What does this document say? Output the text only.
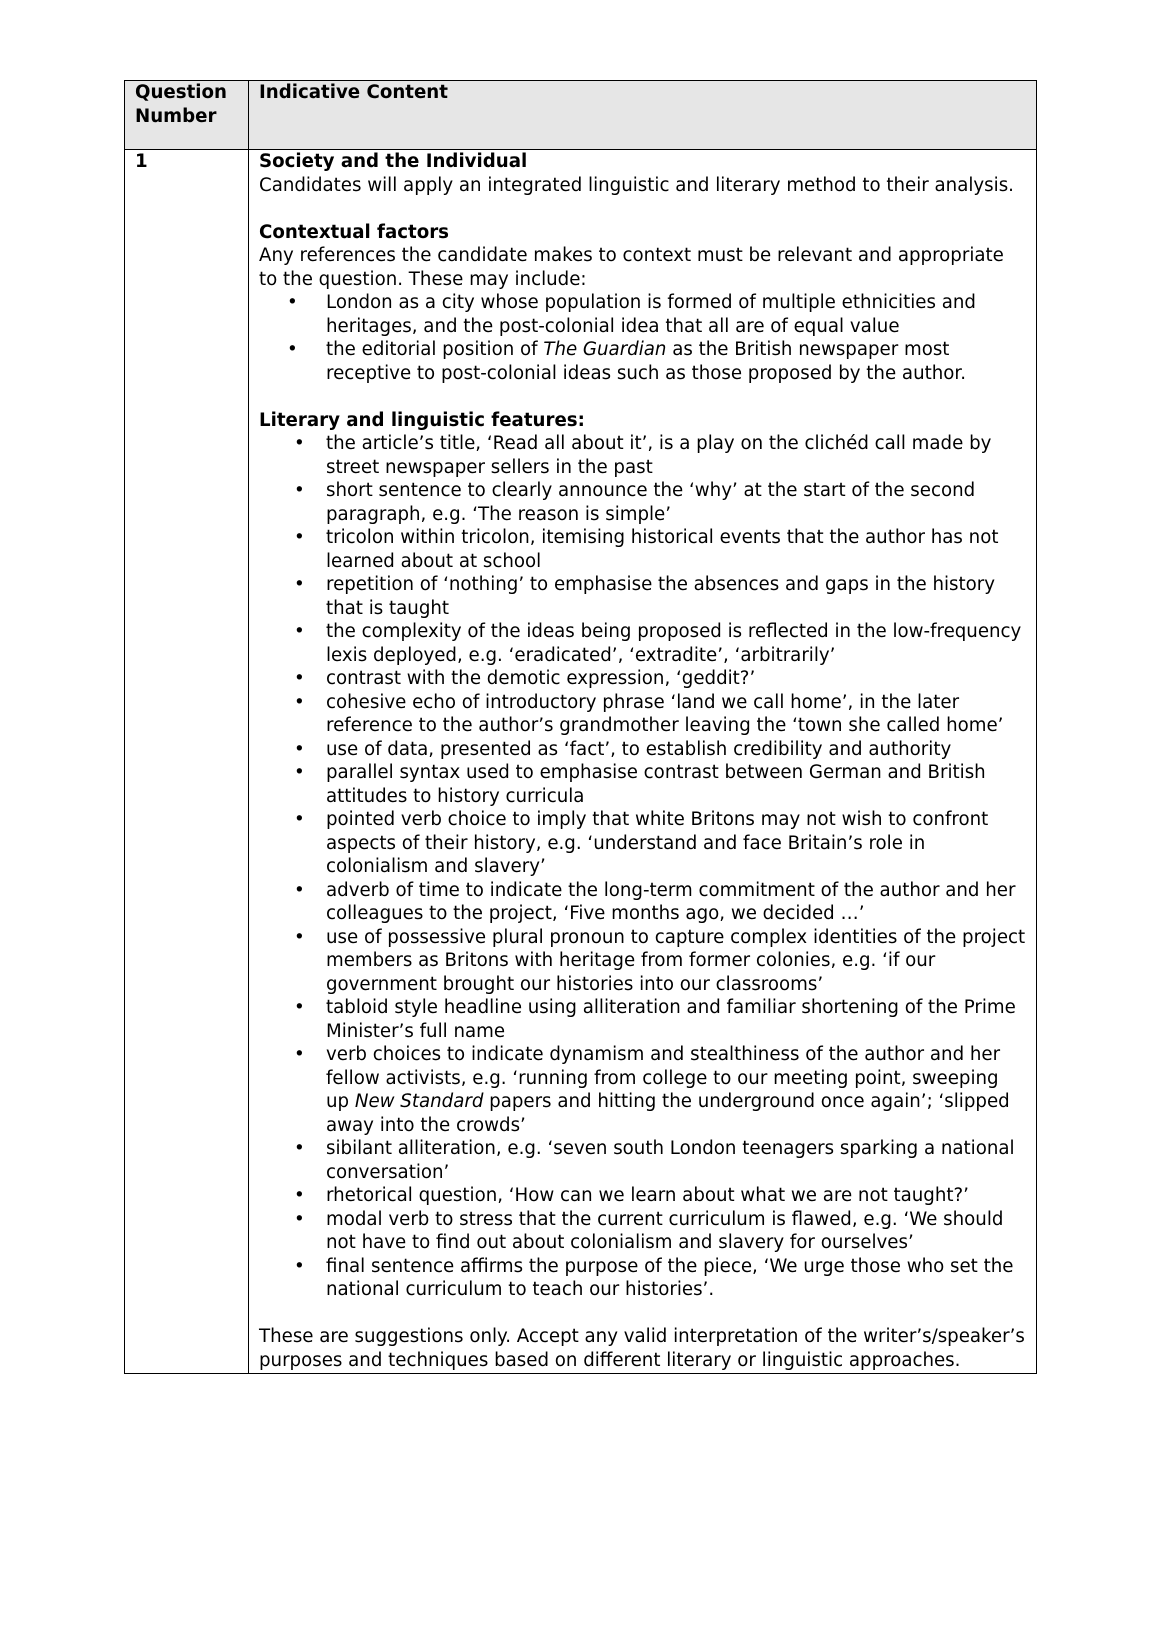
Question Number	Indicative Content

1	Society and the Individual
Candidates will apply an integrated linguistic and literary method to their analysis.
Contextual factors
Any references the candidate makes to context must be relevant and appropriate to the question. These may include:
• London as a city whose population is formed of multiple ethnicities and heritages, and the post-colonial idea that all are of equal value
• the editorial position of The Guardian as the British newspaper most receptive to post-colonial ideas such as those proposed by the author.
Literary and linguistic features:
• the article’s title, ‘Read all about it’, is a play on the clichéd call made by street newspaper sellers in the past
• short sentence to clearly announce the ‘why’ at the start of the second paragraph, e.g. ‘The reason is simple’
• tricolon within tricolon, itemising historical events that the author has not learned about at school
• repetition of ‘nothing’ to emphasise the absences and gaps in the history that is taught
• the complexity of the ideas being proposed is reflected in the low-frequency lexis deployed, e.g. ‘eradicated’, ‘extradite’, ‘arbitrarily’
• contrast with the demotic expression, ‘geddit?’
• cohesive echo of introductory phrase ‘land we call home’, in the later reference to the author’s grandmother leaving the ‘town she called home’
• use of data, presented as ‘fact’, to establish credibility and authority
• parallel syntax used to emphasise contrast between German and British attitudes to history curricula
• pointed verb choice to imply that white Britons may not wish to confront aspects of their history, e.g. ‘understand and face Britain’s role in colonialism and slavery’
• adverb of time to indicate the long-term commitment of the author and her colleagues to the project, ‘Five months ago, we decided …’
• use of possessive plural pronoun to capture complex identities of the project members as Britons with heritage from former colonies, e.g. ‘if our government brought our histories into our classrooms’
• tabloid style headline using alliteration and familiar shortening of the Prime Minister’s full name
• verb choices to indicate dynamism and stealthiness of the author and her fellow activists, e.g. ‘running from college to our meeting point, sweeping up New Standard papers and hitting the underground once again’; ‘slipped away into the crowds’
• sibilant alliteration, e.g. ‘seven south London teenagers sparking a national conversation’
• rhetorical question, ‘How can we learn about what we are not taught?’
• modal verb to stress that the current curriculum is flawed, e.g. ‘We should not have to find out about colonialism and slavery for ourselves’
• final sentence affirms the purpose of the piece, ‘We urge those who set the national curriculum to teach our histories’.
These are suggestions only. Accept any valid interpretation of the writer’s/speaker’s purposes and techniques based on different literary or linguistic approaches.
